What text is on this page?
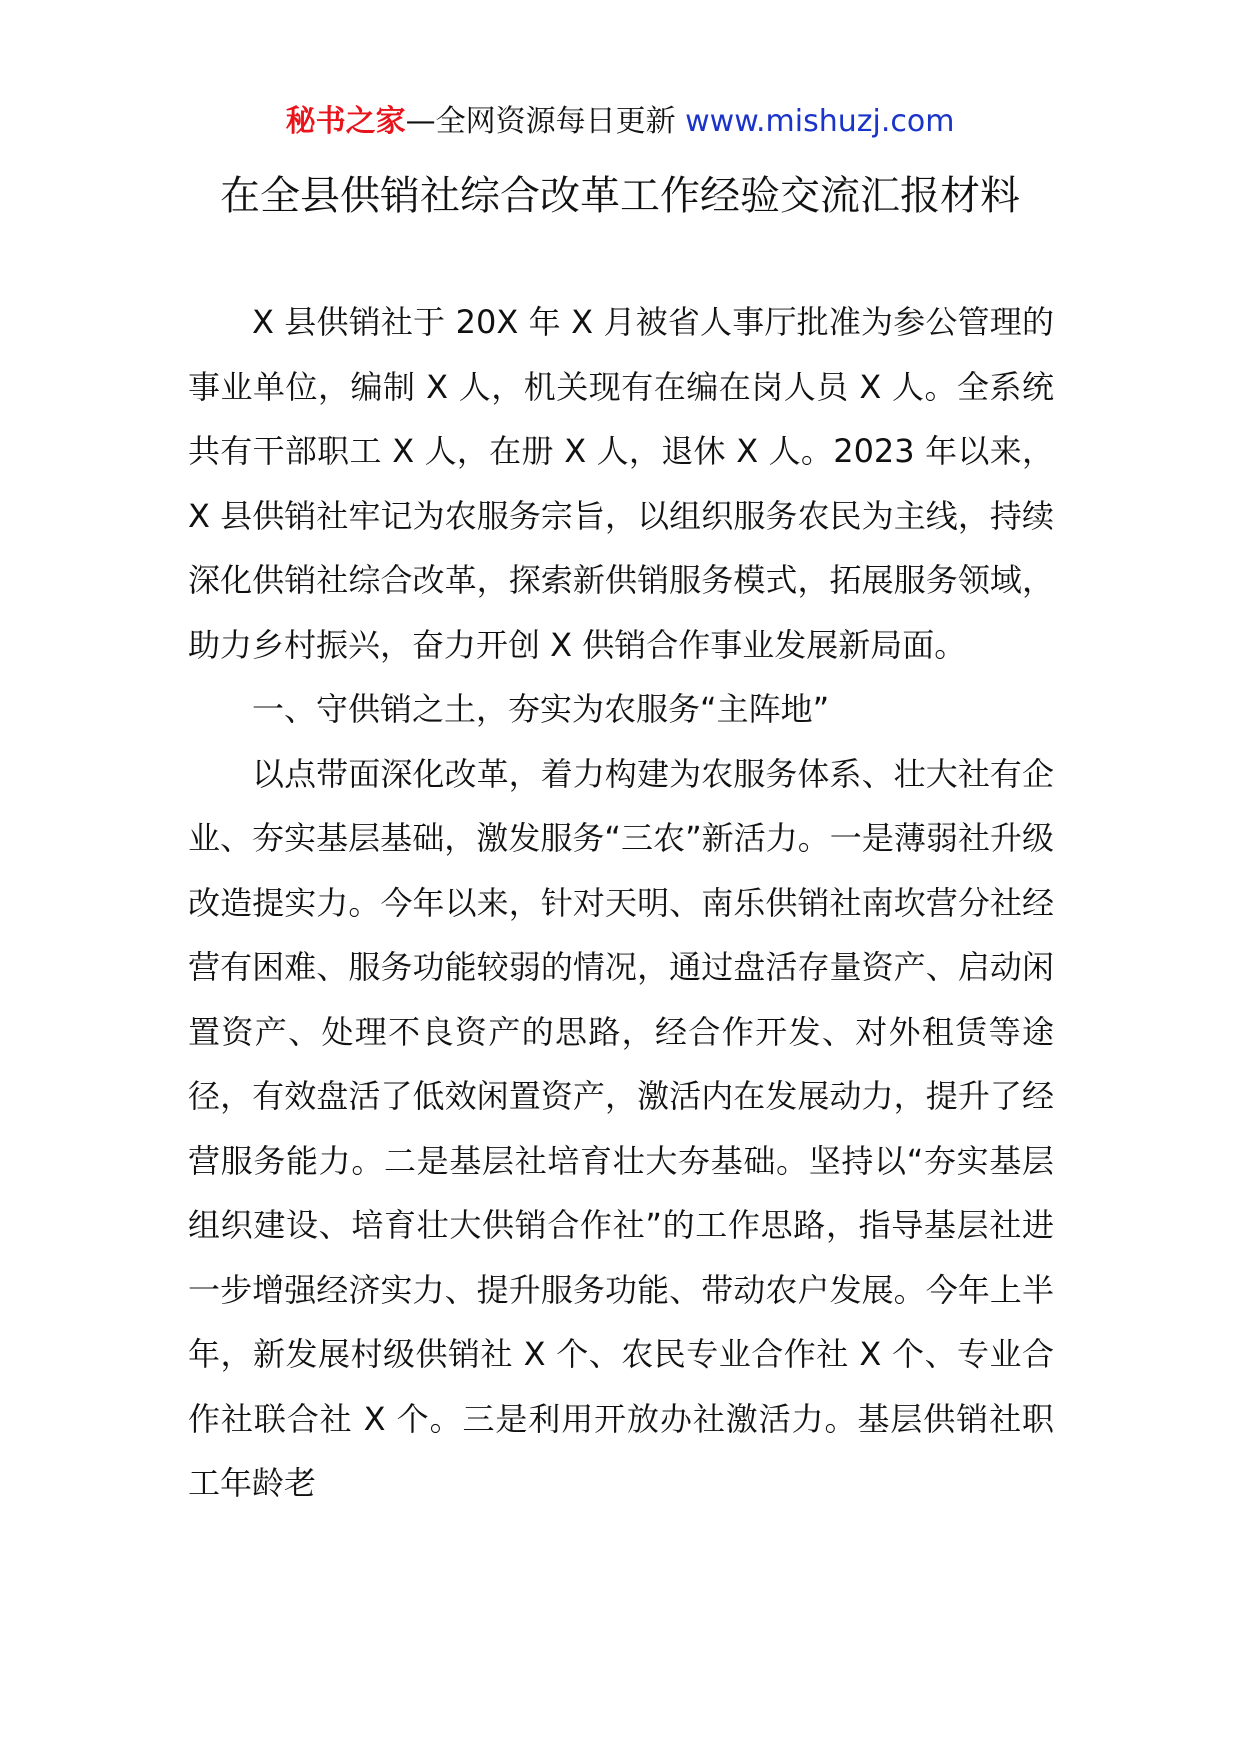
秘书之家—全网资源每日更新 www.mishuzj.com
在全县供销社综合改革工作经验交流汇报材料

X 县供销社于 20X 年 X 月被省人事厅批准为参公管理的事业单位，编制 X 人，机关现有在编在岗人员 X 人。全系统共有干部职工 X 人，在册 X 人，退休 X 人。2023 年以来，X 县供销社牢记为农服务宗旨，以组织服务农民为主线，持续深化供销社综合改革，探索新供销服务模式，拓展服务领域，助力乡村振兴，奋力开创 X 供销合作事业发展新局面。

一、守供销之土，夯实为农服务“主阵地”

以点带面深化改革，着力构建为农服务体系、壮大社有企业、夯实基层基础，激发服务“三农”新活力。一是薄弱社升级改造提实力。今年以来，针对天明、南乐供销社南坎营分社经营有困难、服务功能较弱的情况，通过盘活存量资产、启动闲置资产、处理不良资产的思路，经合作开发、对外租赁等途径，有效盘活了低效闲置资产，激活内在发展动力，提升了经营服务能力。二是基层社培育壮大夯基础。坚持以“夯实基层组织建设、培育壮大供销合作社”的工作思路，指导基层社进一步增强经济实力、提升服务功能、带动农户发展。今年上半年，新发展村级供销社 X 个、农民专业合作社 X 个、专业合作社联合社 X 个。三是利用开放办社激活力。基层供销社职工年龄老
